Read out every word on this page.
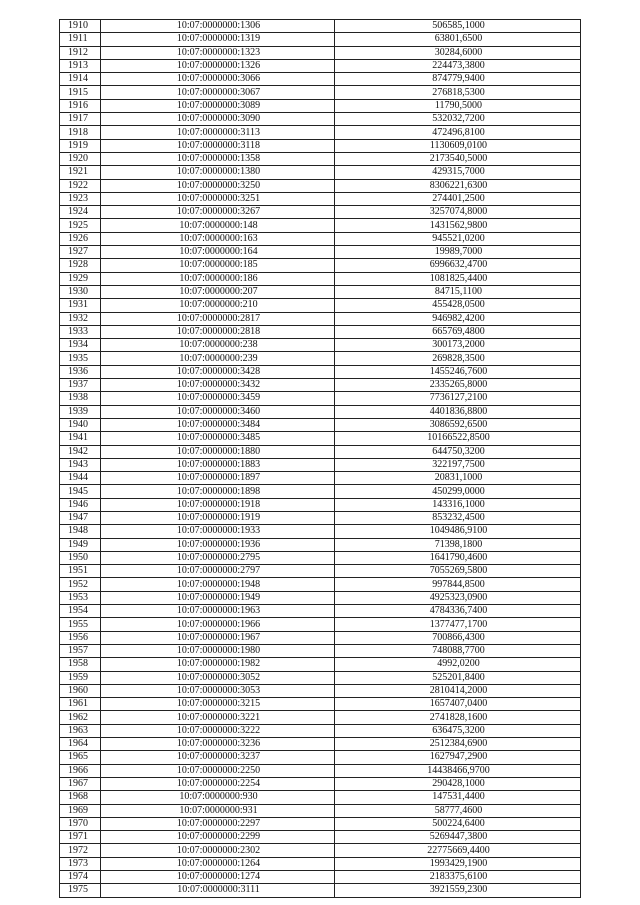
1910	10:07:0000000:1306	506585,1000
1911	10:07:0000000:1319	63801,6500
1912	10:07:0000000:1323	30284,6000
1913	10:07:0000000:1326	224473,3800
1914	10:07:0000000:3066	874779,9400
1915	10:07:0000000:3067	276818,5300
1916	10:07:0000000:3089	11790,5000
1917	10:07:0000000:3090	532032,7200
1918	10:07:0000000:3113	472496,8100
1919	10:07:0000000:3118	1130609,0100
1920	10:07:0000000:1358	2173540,5000
1921	10:07:0000000:1380	429315,7000
1922	10:07:0000000:3250	8306221,6300
1923	10:07:0000000:3251	274401,2500
1924	10:07:0000000:3267	3257074,8000
1925	10:07:0000000:148	1431562,9800
1926	10:07:0000000:163	945521,0200
1927	10:07:0000000:164	19989,7000
1928	10:07:0000000:185	6996632,4700
1929	10:07:0000000:186	1081825,4400
1930	10:07:0000000:207	84715,1100
1931	10:07:0000000:210	455428,0500
1932	10:07:0000000:2817	946982,4200
1933	10:07:0000000:2818	665769,4800
1934	10:07:0000000:238	300173,2000
1935	10:07:0000000:239	269828,3500
1936	10:07:0000000:3428	1455246,7600
1937	10:07:0000000:3432	2335265,8000
1938	10:07:0000000:3459	7736127,2100
1939	10:07:0000000:3460	4401836,8800
1940	10:07:0000000:3484	3086592,6500
1941	10:07:0000000:3485	10166522,8500
1942	10:07:0000000:1880	644750,3200
1943	10:07:0000000:1883	322197,7500
1944	10:07:0000000:1897	20831,1000
1945	10:07:0000000:1898	450299,0000
1946	10:07:0000000:1918	143316,1000
1947	10:07:0000000:1919	853232,4500
1948	10:07:0000000:1933	1049486,9100
1949	10:07:0000000:1936	71398,1800
1950	10:07:0000000:2795	1641790,4600
1951	10:07:0000000:2797	7055269,5800
1952	10:07:0000000:1948	997844,8500
1953	10:07:0000000:1949	4925323,0900
1954	10:07:0000000:1963	4784336,7400
1955	10:07:0000000:1966	1377477,1700
1956	10:07:0000000:1967	700866,4300
1957	10:07:0000000:1980	748088,7700
1958	10:07:0000000:1982	4992,0200
1959	10:07:0000000:3052	525201,8400
1960	10:07:0000000:3053	2810414,2000
1961	10:07:0000000:3215	1657407,0400
1962	10:07:0000000:3221	2741828,1600
1963	10:07:0000000:3222	636475,3200
1964	10:07:0000000:3236	2512384,6900
1965	10:07:0000000:3237	1627947,2900
1966	10:07:0000000:2250	14438466,9700
1967	10:07:0000000:2254	290428,1000
1968	10:07:0000000:930	147531,4400
1969	10:07:0000000:931	58777,4600
1970	10:07:0000000:2297	500224,6400
1971	10:07:0000000:2299	5269447,3800
1972	10:07:0000000:2302	22775669,4400
1973	10:07:0000000:1264	1993429,1900
1974	10:07:0000000:1274	2183375,6100
1975	10:07:0000000:3111	3921559,2300
